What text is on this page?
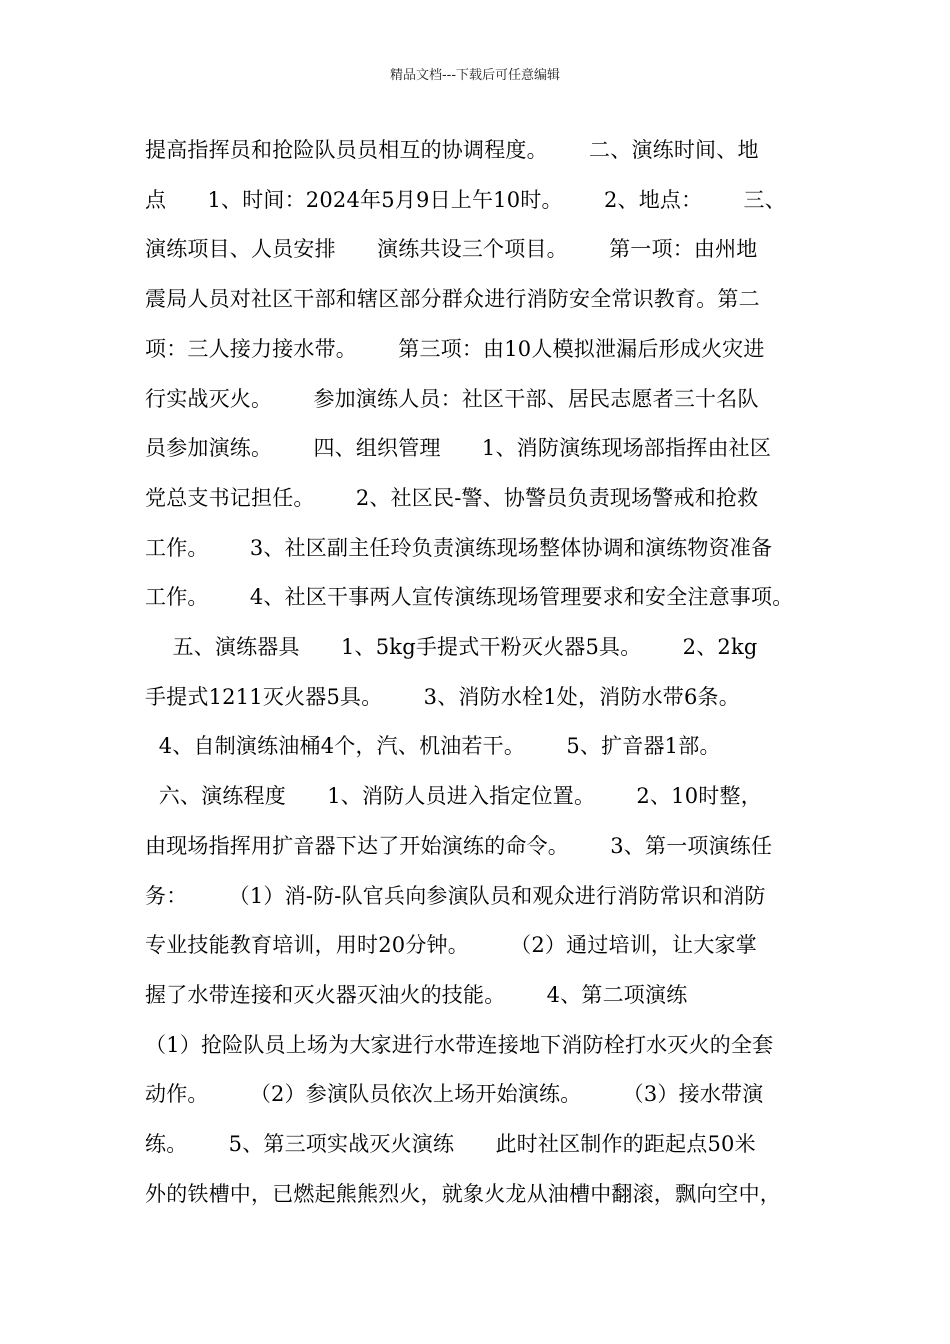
精品文档---下载后可任意编辑
提高指挥员和抢险队员员相互的协调程度。      二、演练时间、地
点      1、时间：2024年5月9日上午10时。      2、地点：      三、
演练项目、人员安排      演练共设三个项目。      第一项：由州地
震局人员对社区干部和辖区部分群众进行消防安全常识教育。第二
项：三人接力接水带。      第三项：由10人模拟泄漏后形成火灾进
行实战灭火。      参加演练人员：社区干部、居民志愿者三十名队
员参加演练。      四、组织管理      1、消防演练现场部指挥由社区
党总支书记担任。      2、社区民-警、协警员负责现场警戒和抢救
工作。      3、社区副主任玲负责演练现场整体协调和演练物资准备
工作。      4、社区干事两人宣传演练现场管理要求和安全注意事项。
五、演练器具      1、5kg手提式干粉灭火器5具。      2、2kg
手提式1211灭火器5具。      3、消防水栓1处，消防水带6条。
4、自制演练油桶4个，汽、机油若干。      5、扩音器1部。
六、演练程度      1、消防人员进入指定位置。      2、10时整，
由现场指挥用扩音器下达了开始演练的命令。      3、第一项演练任
务：      （1）消-防-队官兵向参演队员和观众进行消防常识和消防
专业技能教育培训，用时20分钟。      （2）通过培训，让大家掌
握了水带连接和灭火器灭油火的技能。      4、第二项演练
（1）抢险队员上场为大家进行水带连接地下消防栓打水灭火的全套
动作。      （2）参演队员依次上场开始演练。      （3）接水带演
练。      5、第三项实战灭火演练      此时社区制作的距起点50米
外的铁槽中，已燃起熊熊烈火，就象火龙从油槽中翻滚，飘向空中，
